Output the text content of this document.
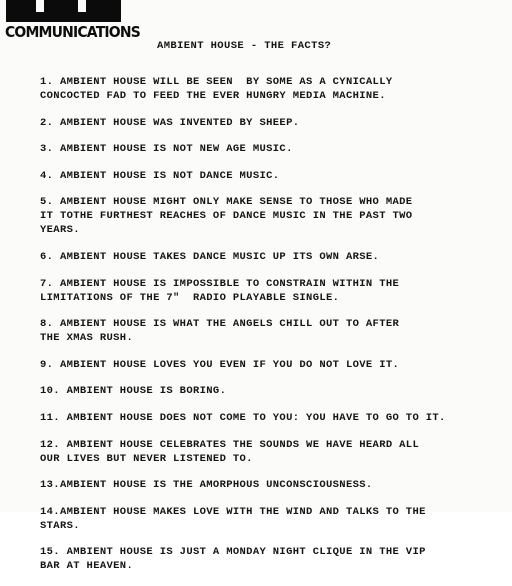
COMMUNICATIONS
AMBIENT HOUSE - THE FACTS?
1. AMBIENT HOUSE WILL BE SEEN  BY SOME AS A CYNICALLY
CONCOCTED FAD TO FEED THE EVER HUNGRY MEDIA MACHINE.
2. AMBIENT HOUSE WAS INVENTED BY SHEEP.
3. AMBIENT HOUSE IS NOT NEW AGE MUSIC.
4. AMBIENT HOUSE IS NOT DANCE MUSIC.
5. AMBIENT HOUSE MIGHT ONLY MAKE SENSE TO THOSE WHO MADE
IT TOTHE FURTHEST REACHES OF DANCE MUSIC IN THE PAST TWO
YEARS.
6. AMBIENT HOUSE TAKES DANCE MUSIC UP ITS OWN ARSE.
7. AMBIENT HOUSE IS IMPOSSIBLE TO CONSTRAIN WITHIN THE
LIMITATIONS OF THE 7"  RADIO PLAYABLE SINGLE.
8. AMBIENT HOUSE IS WHAT THE ANGELS CHILL OUT TO AFTER
THE XMAS RUSH.
9. AMBIENT HOUSE LOVES YOU EVEN IF YOU DO NOT LOVE IT.
10. AMBIENT HOUSE IS BORING.
11. AMBIENT HOUSE DOES NOT COME TO YOU: YOU HAVE TO GO TO IT.
12. AMBIENT HOUSE CELEBRATES THE SOUNDS WE HAVE HEARD ALL
OUR LIVES BUT NEVER LISTENED TO.
13.AMBIENT HOUSE IS THE AMORPHOUS UNCONSCIOUSNESS.
14.AMBIENT HOUSE MAKES LOVE WITH THE WIND AND TALKS TO THE
STARS.
15. AMBIENT HOUSE IS JUST A MONDAY NIGHT CLIQUE IN THE VIP
BAR AT HEAVEN.
